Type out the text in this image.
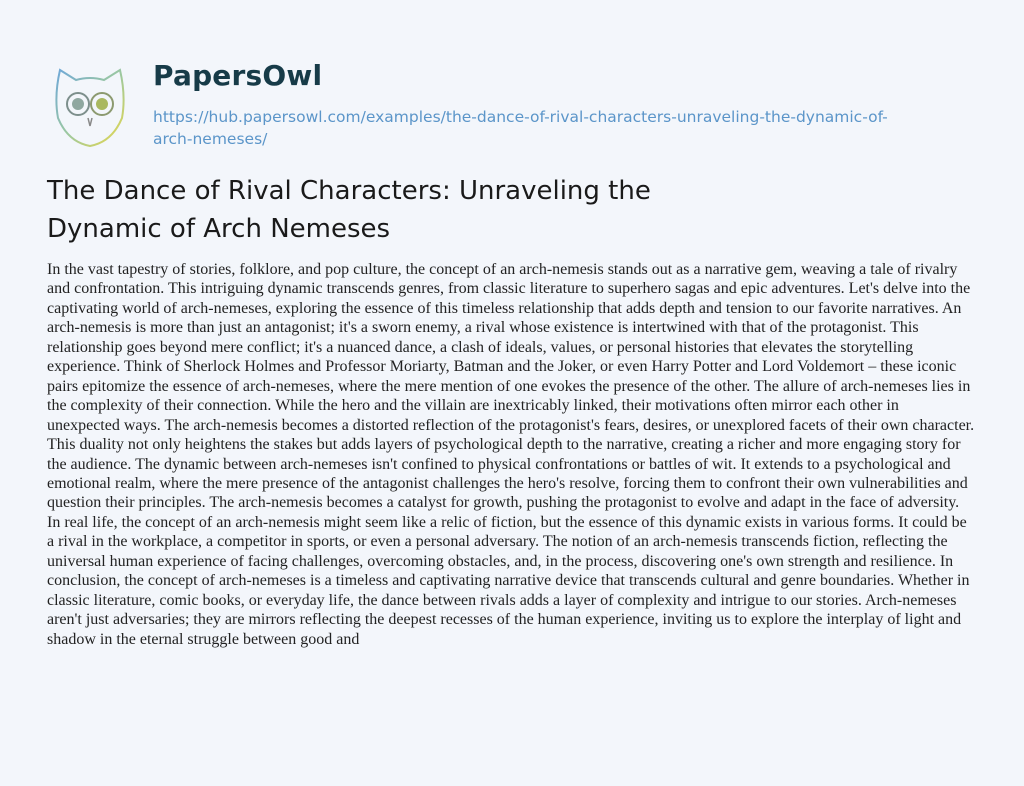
PapersOwl
https://hub.papersowl.com/examples/the-dance-of-rival-characters-unraveling-the-dynamic-of-
arch-nemeses/
The Dance of Rival Characters: Unraveling the
Dynamic of Arch Nemeses
In the vast tapestry of stories, folklore, and pop culture, the concept of an arch-nemesis stands out as a narrative gem, weaving a tale of rivalry
and confrontation. This intriguing dynamic transcends genres, from classic literature to superhero sagas and epic adventures. Let's delve into the
captivating world of arch-nemeses, exploring the essence of this timeless relationship that adds depth and tension to our favorite narratives. An
arch-nemesis is more than just an antagonist; it's a sworn enemy, a rival whose existence is intertwined with that of the protagonist. This
relationship goes beyond mere conflict; it's a nuanced dance, a clash of ideals, values, or personal histories that elevates the storytelling
experience. Think of Sherlock Holmes and Professor Moriarty, Batman and the Joker, or even Harry Potter and Lord Voldemort – these iconic
pairs epitomize the essence of arch-nemeses, where the mere mention of one evokes the presence of the other. The allure of arch-nemeses lies in
the complexity of their connection. While the hero and the villain are inextricably linked, their motivations often mirror each other in
unexpected ways. The arch-nemesis becomes a distorted reflection of the protagonist's fears, desires, or unexplored facets of their own character.
This duality not only heightens the stakes but adds layers of psychological depth to the narrative, creating a richer and more engaging story for
the audience. The dynamic between arch-nemeses isn't confined to physical confrontations or battles of wit. It extends to a psychological and
emotional realm, where the mere presence of the antagonist challenges the hero's resolve, forcing them to confront their own vulnerabilities and
question their principles. The arch-nemesis becomes a catalyst for growth, pushing the protagonist to evolve and adapt in the face of adversity.
In real life, the concept of an arch-nemesis might seem like a relic of fiction, but the essence of this dynamic exists in various forms. It could be
a rival in the workplace, a competitor in sports, or even a personal adversary. The notion of an arch-nemesis transcends fiction, reflecting the
universal human experience of facing challenges, overcoming obstacles, and, in the process, discovering one's own strength and resilience. In
conclusion, the concept of arch-nemeses is a timeless and captivating narrative device that transcends cultural and genre boundaries. Whether in
classic literature, comic books, or everyday life, the dance between rivals adds a layer of complexity and intrigue to our stories. Arch-nemeses
aren't just adversaries; they are mirrors reflecting the deepest recesses of the human experience, inviting us to explore the interplay of light and
shadow in the eternal struggle between good and
